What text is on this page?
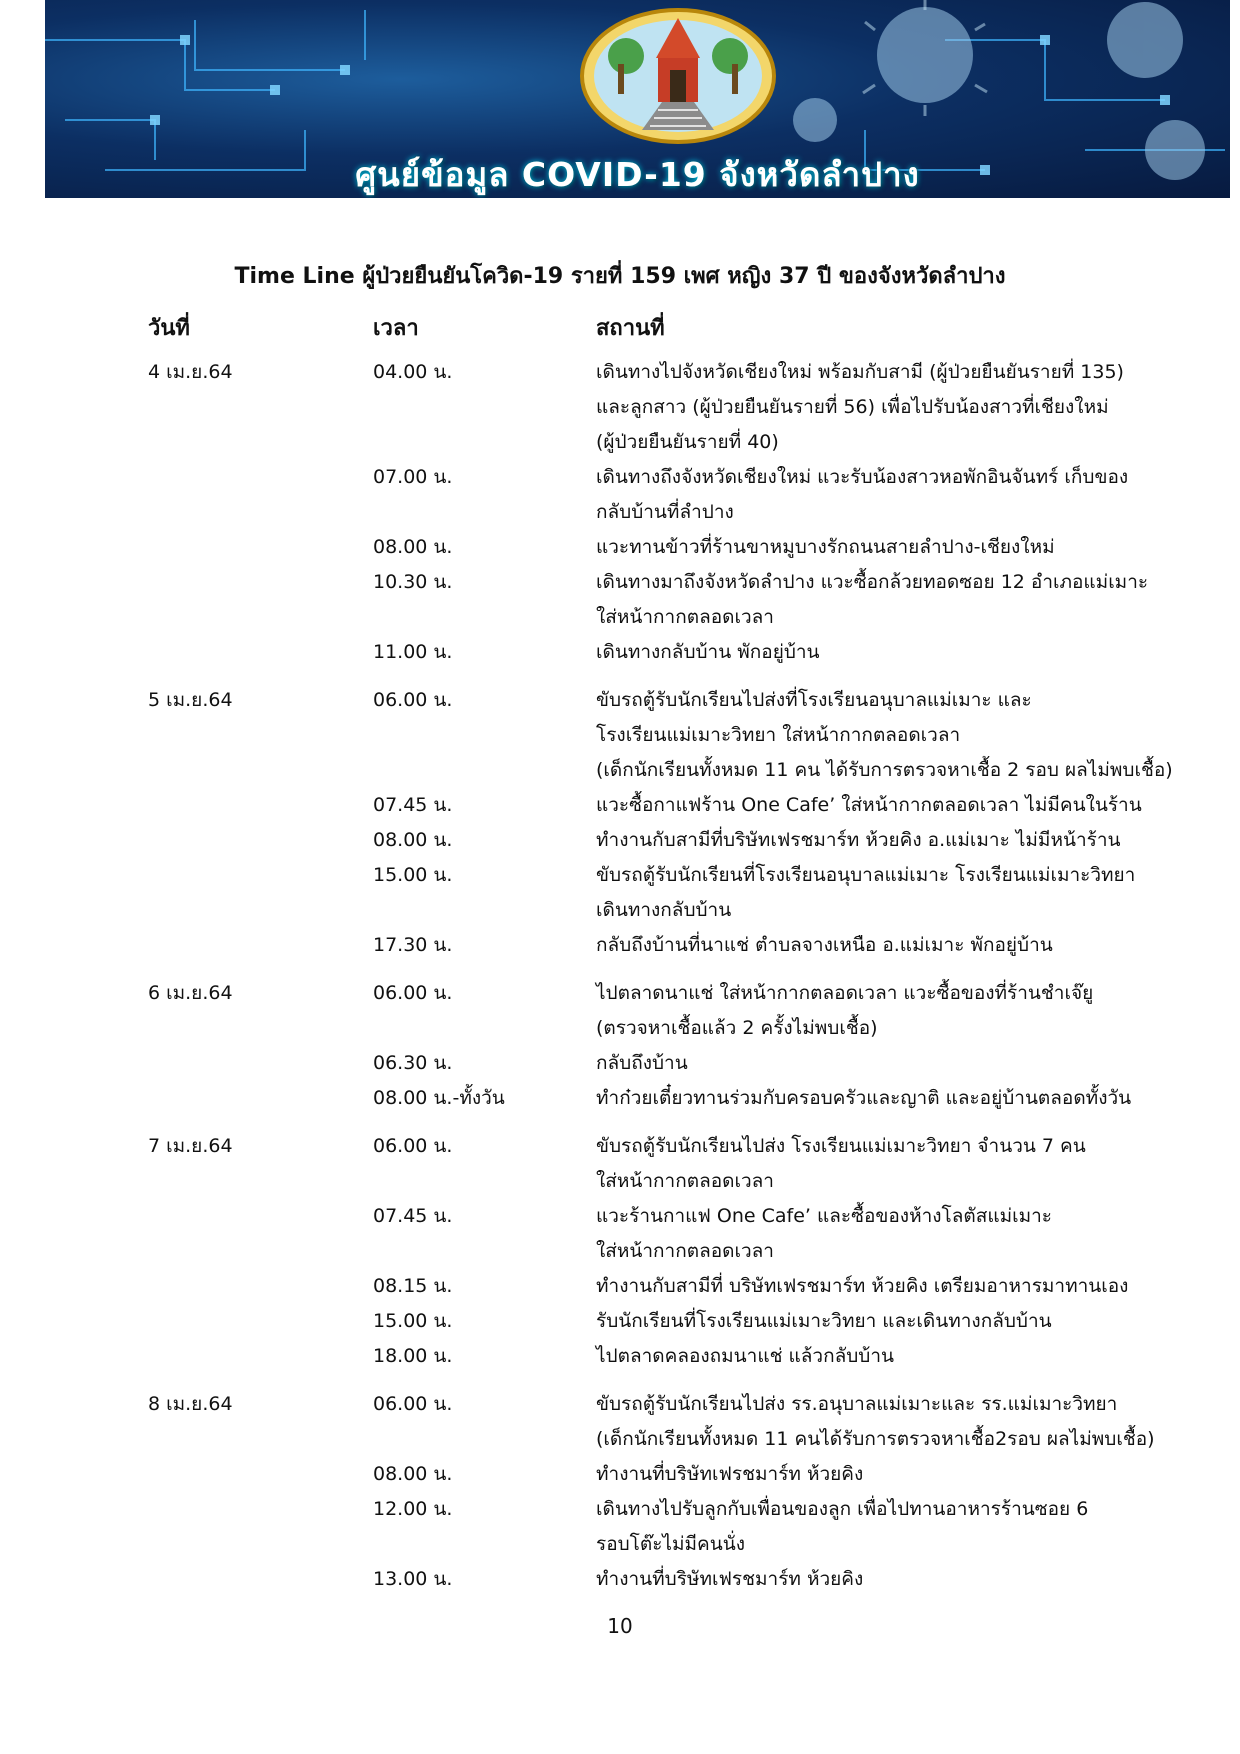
ศูนย์ข้อมูล COVID-19 จังหวัดลำปาง
Time Line ผู้ป่วยยืนยันโควิด-19 รายที่ 159 เพศ หญิง 37 ปี ของจังหวัดลำปาง
วันที่	เวลา	สถานที่
4 เม.ย.64	04.00 น.	เดินทางไปจังหวัดเชียงใหม่ พร้อมกับสามี (ผู้ป่วยยืนยันรายที่ 135)
และลูกสาว (ผู้ป่วยยืนยันรายที่ 56) เพื่อไปรับน้องสาวที่เชียงใหม่
(ผู้ป่วยยืนยันรายที่ 40)
07.00 น.	เดินทางถึงจังหวัดเชียงใหม่ แวะรับน้องสาวหอพักอินจันทร์ เก็บของ
กลับบ้านที่ลำปาง
08.00 น.	แวะทานข้าวที่ร้านขาหมูบางรักถนนสายลำปาง-เชียงใหม่
10.30 น.	เดินทางมาถึงจังหวัดลำปาง แวะซื้อกล้วยทอดซอย 12 อำเภอแม่เมาะ
ใส่หน้ากากตลอดเวลา
11.00 น.	เดินทางกลับบ้าน พักอยู่บ้าน
5 เม.ย.64	06.00 น.	ขับรถตู้รับนักเรียนไปส่งที่โรงเรียนอนุบาลแม่เมาะ และ
โรงเรียนแม่เมาะวิทยา ใส่หน้ากากตลอดเวลา
(เด็กนักเรียนทั้งหมด 11 คน ได้รับการตรวจหาเชื้อ 2 รอบ ผลไม่พบเชื้อ)
07.45 น.	แวะซื้อกาแฟร้าน One Cafe’ ใส่หน้ากากตลอดเวลา ไม่มีคนในร้าน
08.00 น.	ทำงานกับสามีที่บริษัทเฟรชมาร์ท ห้วยคิง อ.แม่เมาะ ไม่มีหน้าร้าน
15.00 น.	ขับรถตู้รับนักเรียนที่โรงเรียนอนุบาลแม่เมาะ โรงเรียนแม่เมาะวิทยา
เดินทางกลับบ้าน
17.30 น.	กลับถึงบ้านที่นาแช่ ตำบลจางเหนือ อ.แม่เมาะ พักอยู่บ้าน
6 เม.ย.64	06.00 น.	ไปตลาดนาแช่ ใส่หน้ากากตลอดเวลา แวะซื้อของที่ร้านชำเจ๊ยู
(ตรวจหาเชื้อแล้ว 2 ครั้งไม่พบเชื้อ)
06.30 น.	กลับถึงบ้าน
08.00 น.-ทั้งวัน	ทำก๋วยเตี๋ยวทานร่วมกับครอบครัวและญาติ และอยู่บ้านตลอดทั้งวัน
7 เม.ย.64	06.00 น.	ขับรถตู้รับนักเรียนไปส่ง โรงเรียนแม่เมาะวิทยา จำนวน 7 คน
ใส่หน้ากากตลอดเวลา
07.45 น.	แวะร้านกาแฟ One Cafe’ และซื้อของห้างโลตัสแม่เมาะ
ใส่หน้ากากตลอดเวลา
08.15 น.	ทำงานกับสามีที่ บริษัทเฟรชมาร์ท ห้วยคิง เตรียมอาหารมาทานเอง
15.00 น.	รับนักเรียนที่โรงเรียนแม่เมาะวิทยา และเดินทางกลับบ้าน
18.00 น.	ไปตลาดคลองถมนาแช่ แล้วกลับบ้าน
8 เม.ย.64	06.00 น.	ขับรถตู้รับนักเรียนไปส่ง รร.อนุบาลแม่เมาะและ รร.แม่เมาะวิทยา
(เด็กนักเรียนทั้งหมด 11 คนได้รับการตรวจหาเชื้อ2รอบ ผลไม่พบเชื้อ)
08.00 น.	ทำงานที่บริษัทเฟรชมาร์ท ห้วยคิง
12.00 น.	เดินทางไปรับลูกกับเพื่อนของลูก เพื่อไปทานอาหารร้านซอย 6
รอบโต๊ะไม่มีคนนั่ง
13.00 น.	ทำงานที่บริษัทเฟรชมาร์ท ห้วยคิง
10
